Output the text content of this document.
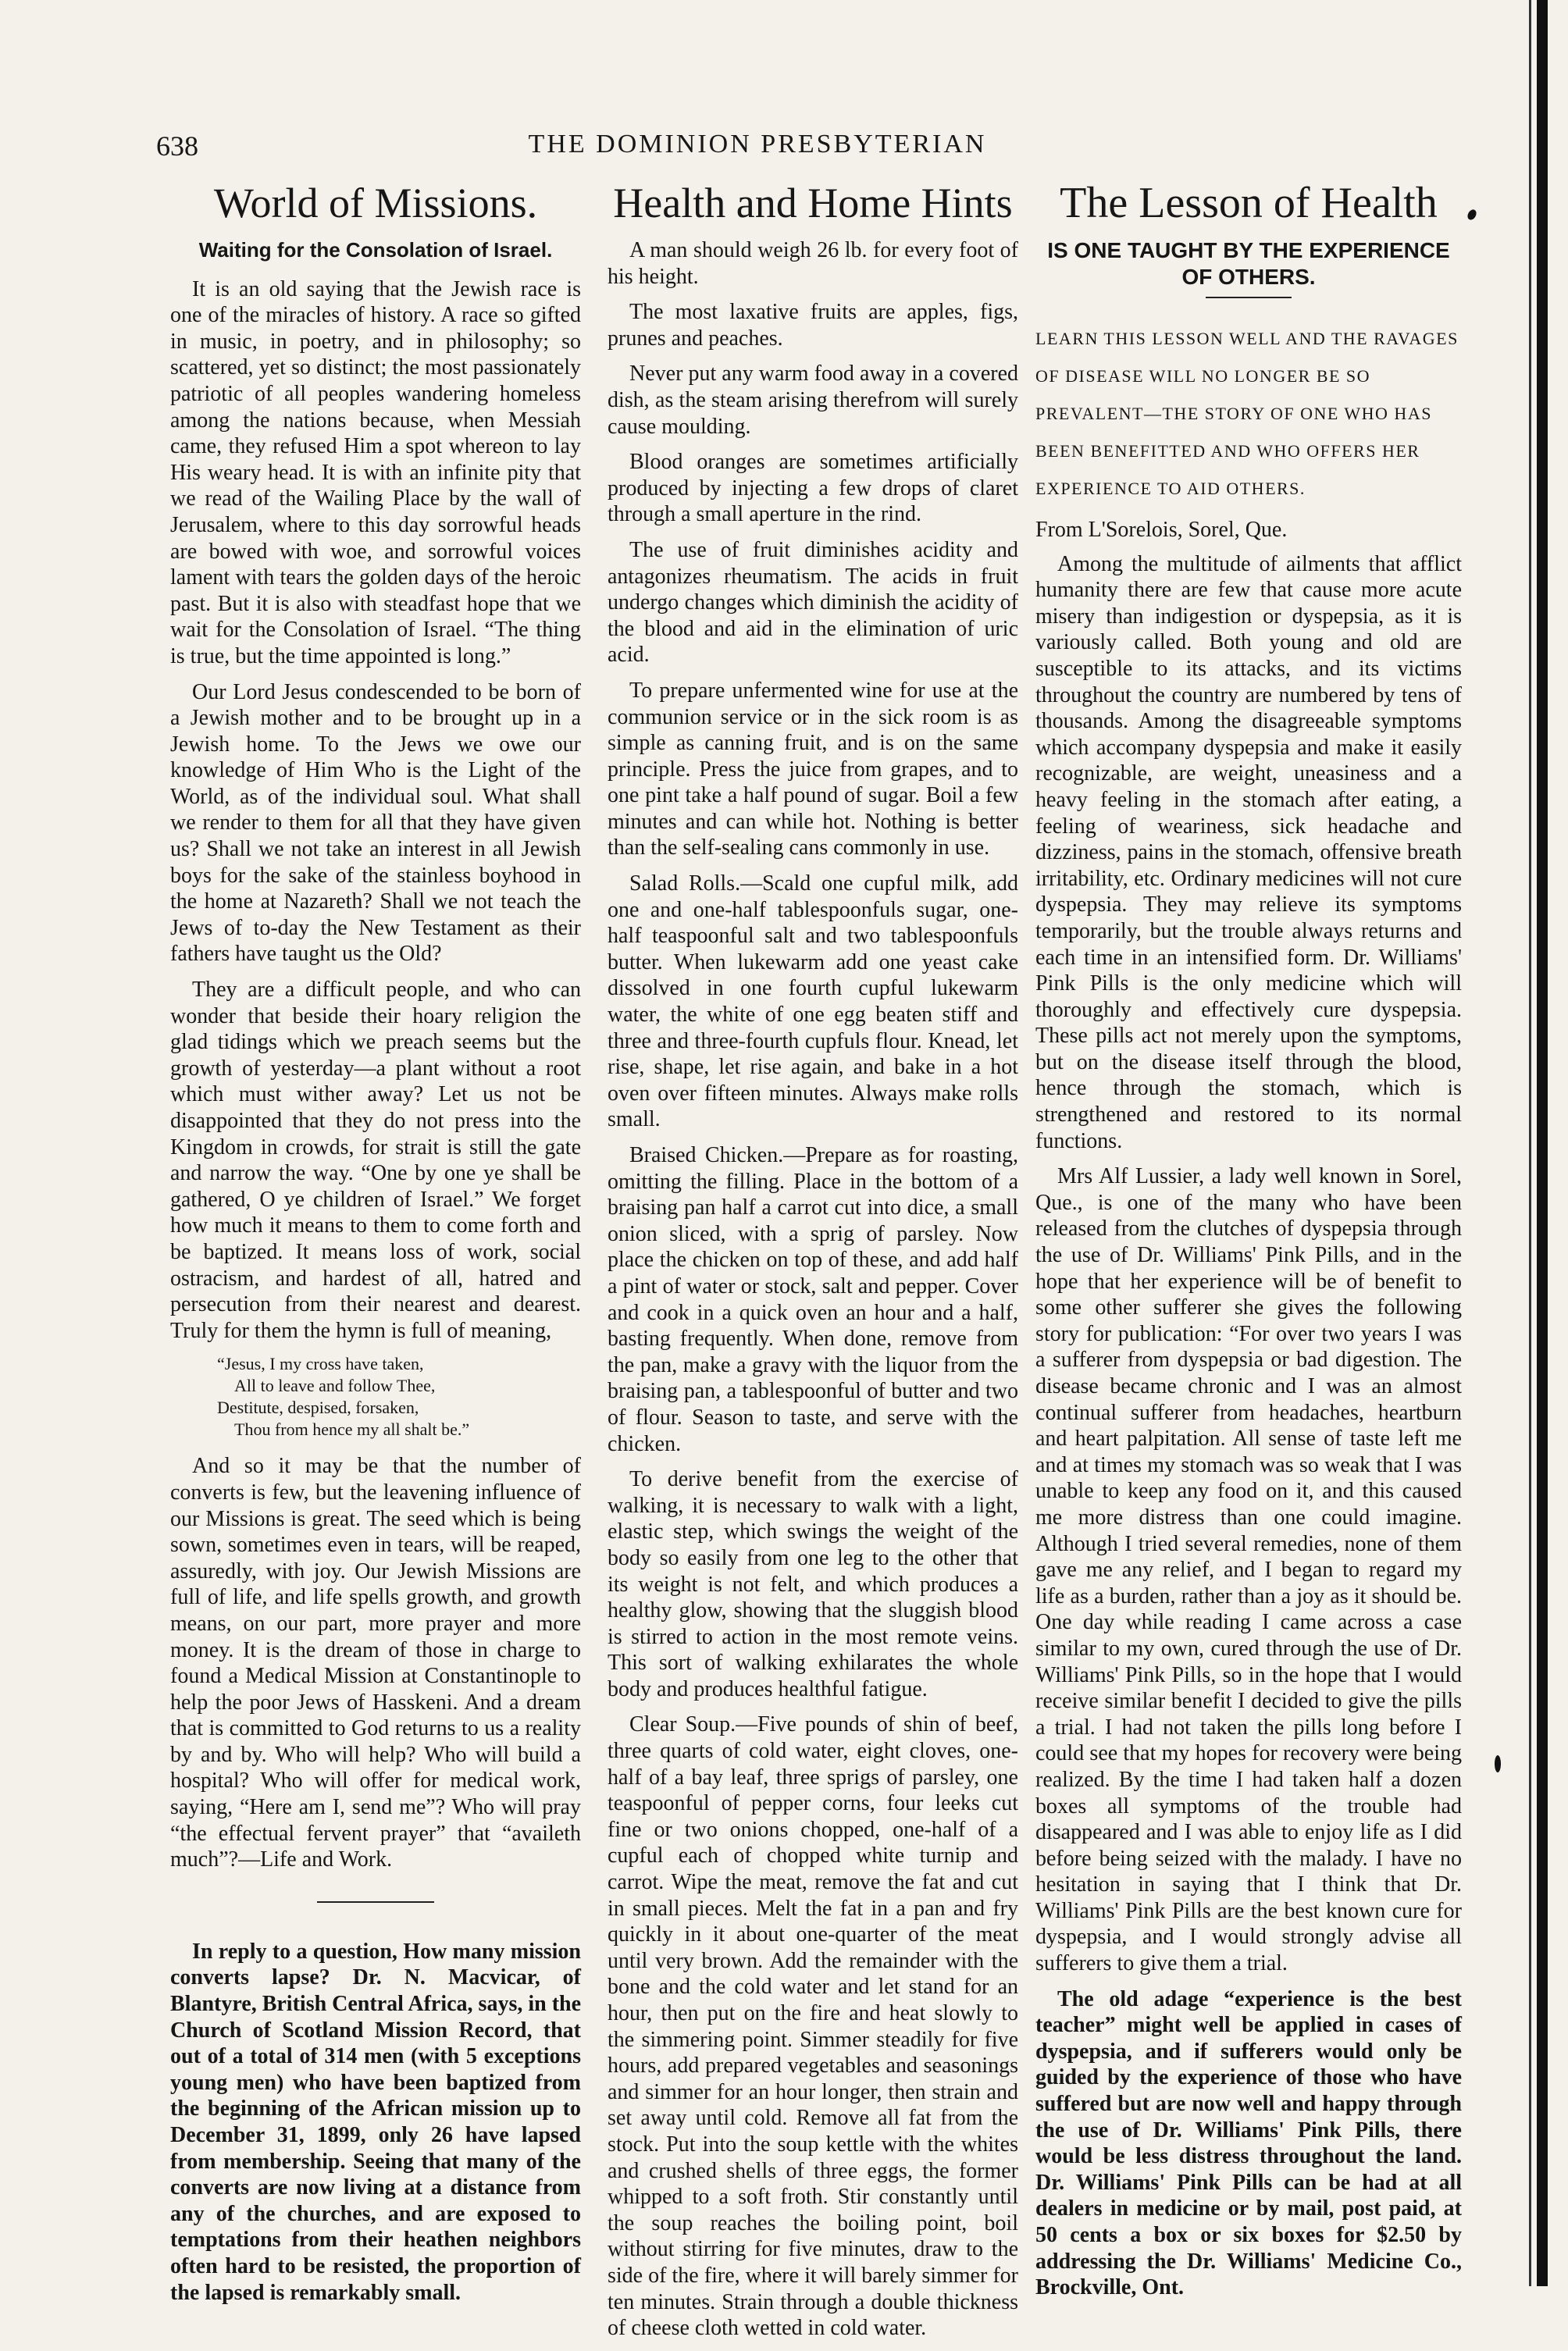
638	THE DOMINION PRESBYTERIAN
World of Missions.
Waiting for the Consolation of Israel.

It is an old saying that the Jewish race is one of the miracles of history. A race so gifted in music, in poetry, and in philosophy; so scattered, yet so distinct; the most passionately patriotic of all peoples wandering homeless among the nations because, when Messiah came, they refused Him a spot whereon to lay His weary head. It is with an infinite pity that we read of the Wailing Place by the wall of Jerusalem, where to this day sorrowful heads are bowed with woe, and sorrowful voices lament with tears the golden days of the heroic past. But it is also with steadfast hope that we wait for the Consolation of Israel. “The thing is true, but the time appointed is long.”

Our Lord Jesus condescended to be born of a Jewish mother and to be brought up in a Jewish home. To the Jews we owe our knowledge of Him Who is the Light of the World, as of the individual soul. What shall we render to them for all that they have given us? Shall we not take an interest in all Jewish boys for the sake of the stainless boyhood in the home at Nazareth? Shall we not teach the Jews of to-day the New Testament as their fathers have taught us the Old?

They are a difficult people, and who can wonder that beside their hoary religion the glad tidings which we preach seems but the growth of yesterday—a plant without a root which must wither away? Let us not be disappointed that they do not press into the Kingdom in crowds, for strait is still the gate and narrow the way. “One by one ye shall be gathered, O ye children of Israel.” We forget how much it means to them to come forth and be baptized. It means loss of work, social ostracism, and hardest of all, hatred and persecution from their nearest and dearest. Truly for them the hymn is full of meaning,

“Jesus, I my cross have taken,
All to leave and follow Thee,
Destitute, despised, forsaken,
Thou from hence my all shalt be.”

And so it may be that the number of converts is few, but the leavening influence of our Missions is great. The seed which is being sown, sometimes even in tears, will be reaped, assuredly, with joy. Our Jewish Missions are full of life, and life spells growth, and growth means, on our part, more prayer and more money. It is the dream of those in charge to found a Medical Mission at Constantinople to help the poor Jews of Hasskeni. And a dream that is committed to God returns to us a reality by and by. Who will help? Who will build a hospital? Who will offer for medical work, saying, “Here am I, send me”? Who will pray “the effectual fervent prayer” that “availeth much”?—Life and Work.

In reply to a question, How many mission converts lapse? Dr. N. Macvicar, of Blantyre, British Central Africa, says, in the Church of Scotland Mission Record, that out of a total of 314 men (with 5 exceptions young men) who have been baptized from the beginning of the African mission up to December 31, 1899, only 26 have lapsed from membership. Seeing that many of the converts are now living at a distance from any of the churches, and are exposed to temptations from their heathen neighbors often hard to be resisted, the proportion of the lapsed is remarkably small.

Health and Home Hints

A man should weigh 26 lb. for every foot of his height.

The most laxative fruits are apples, figs, prunes and peaches.

Never put any warm food away in a covered dish, as the steam arising therefrom will surely cause moulding.

Blood oranges are sometimes artificially produced by injecting a few drops of claret through a small aperture in the rind.

The use of fruit diminishes acidity and antagonizes rheumatism. The acids in fruit undergo changes which diminish the acidity of the blood and aid in the elimination of uric acid.

To prepare unfermented wine for use at the communion service or in the sick room is as simple as canning fruit, and is on the same principle. Press the juice from grapes, and to one pint take a half pound of sugar. Boil a few minutes and can while hot. Nothing is better than the self-sealing cans commonly in use.

Salad Rolls.—Scald one cupful milk, add one and one-half tablespoonfuls sugar, one-half teaspoonful salt and two tablespoonfuls butter. When lukewarm add one yeast cake dissolved in one fourth cupful lukewarm water, the white of one egg beaten stiff and three and three-fourth cupfuls flour. Knead, let rise, shape, let rise again, and bake in a hot oven over fifteen minutes. Always make rolls small.

Braised Chicken.—Prepare as for roasting, omitting the filling. Place in the bottom of a braising pan half a carrot cut into dice, a small onion sliced, with a sprig of parsley. Now place the chicken on top of these, and add half a pint of water or stock, salt and pepper. Cover and cook in a quick oven an hour and a half, basting frequently. When done, remove from the pan, make a gravy with the liquor from the braising pan, a tablespoonful of butter and two of flour. Season to taste, and serve with the chicken.

To derive benefit from the exercise of walking, it is necessary to walk with a light, elastic step, which swings the weight of the body so easily from one leg to the other that its weight is not felt, and which produces a healthy glow, showing that the sluggish blood is stirred to action in the most remote veins. This sort of walking exhilarates the whole body and produces healthful fatigue.

Clear Soup.—Five pounds of shin of beef, three quarts of cold water, eight cloves, one-half of a bay leaf, three sprigs of parsley, one teaspoonful of pepper corns, four leeks cut fine or two onions chopped, one-half of a cupful each of chopped white turnip and carrot. Wipe the meat, remove the fat and cut in small pieces. Melt the fat in a pan and fry quickly in it about one-quarter of the meat until very brown. Add the remainder with the bone and the cold water and let stand for an hour, then put on the fire and heat slowly to the simmering point. Simmer steadily for five hours, add prepared vegetables and seasonings and simmer for an hour longer, then strain and set away until cold. Remove all fat from the stock. Put into the soup kettle with the whites and crushed shells of three eggs, the former whipped to a soft froth. Stir constantly until the soup reaches the boiling point, boil without stirring for five minutes, draw to the side of the fire, where it will barely simmer for ten minutes. Strain through a double thickness of cheese cloth wetted in cold water.

The Lesson of Health
IS ONE TAUGHT BY THE EXPERIENCE OF OTHERS.
LEARN THIS LESSON WELL AND THE RAVAGES OF DISEASE WILL NO LONGER BE SO PREVALENT—THE STORY OF ONE WHO HAS BEEN BENEFITTED AND WHO OFFERS HER EXPERIENCE TO AID OTHERS.
From L'Sorelois, Sorel, Que.

Among the multitude of ailments that afflict humanity there are few that cause more acute misery than indigestion or dyspepsia, as it is variously called. Both young and old are susceptible to its attacks, and its victims throughout the country are numbered by tens of thousands. Among the disagreeable symptoms which accompany dyspepsia and make it easily recognizable, are weight, uneasiness and a heavy feeling in the stomach after eating, a feeling of weariness, sick headache and dizziness, pains in the stomach, offensive breath irritability, etc. Ordinary medicines will not cure dyspepsia. They may relieve its symptoms temporarily, but the trouble always returns and each time in an intensified form. Dr. Williams' Pink Pills is the only medicine which will thoroughly and effectively cure dyspepsia. These pills act not merely upon the symptoms, but on the disease itself through the blood, hence through the stomach, which is strengthened and restored to its normal functions.

Mrs Alf Lussier, a lady well known in Sorel, Que., is one of the many who have been released from the clutches of dyspepsia through the use of Dr. Williams' Pink Pills, and in the hope that her experience will be of benefit to some other sufferer she gives the following story for publication: “For over two years I was a sufferer from dyspepsia or bad digestion. The disease became chronic and I was an almost continual sufferer from headaches, heartburn and heart palpitation. All sense of taste left me and at times my stomach was so weak that I was unable to keep any food on it, and this caused me more distress than one could imagine. Although I tried several remedies, none of them gave me any relief, and I began to regard my life as a burden, rather than a joy as it should be. One day while reading I came across a case similar to my own, cured through the use of Dr. Williams' Pink Pills, so in the hope that I would receive similar benefit I decided to give the pills a trial. I had not taken the pills long before I could see that my hopes for recovery were being realized. By the time I had taken half a dozen boxes all symptoms of the trouble had disappeared and I was able to enjoy life as I did before being seized with the malady. I have no hesitation in saying that I think that Dr. Williams' Pink Pills are the best known cure for dyspepsia, and I would strongly advise all sufferers to give them a trial.

The old adage “experience is the best teacher” might well be applied in cases of dyspepsia, and if sufferers would only be guided by the experience of those who have suffered but are now well and happy through the use of Dr. Williams' Pink Pills, there would be less distress throughout the land. Dr. Williams' Pink Pills can be had at all dealers in medicine or by mail, post paid, at 50 cents a box or six boxes for $2.50 by addressing the Dr. Williams' Medicine Co., Brockville, Ont.
